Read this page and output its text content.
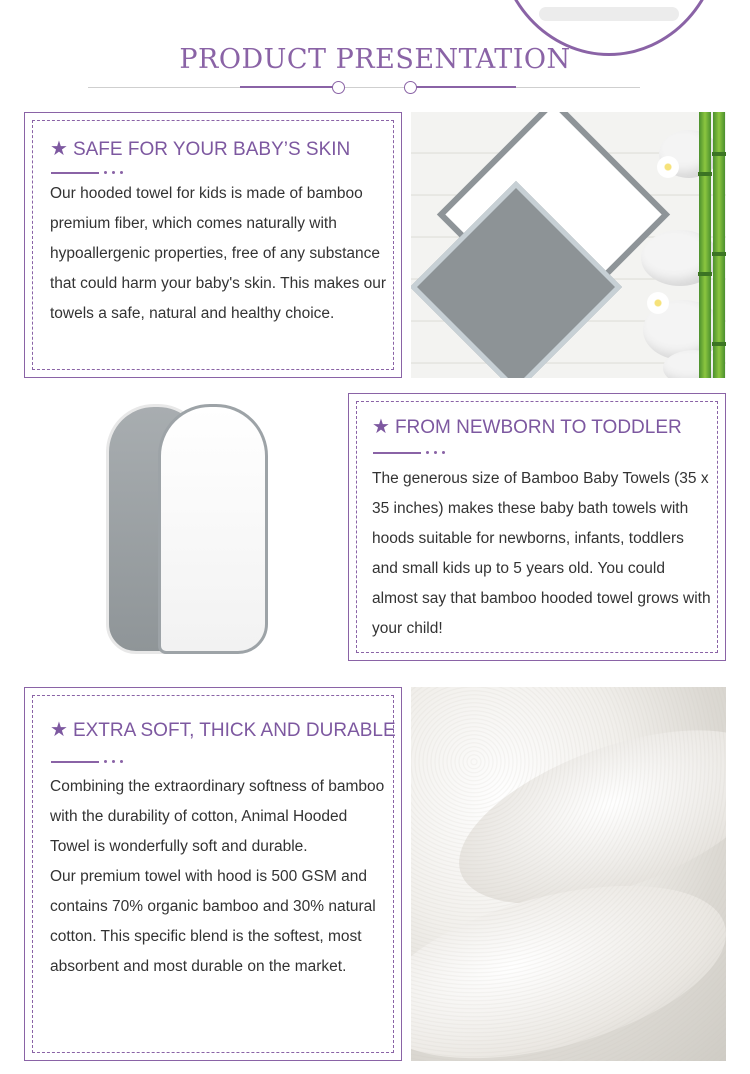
PRODUCT PRESENTATION
★ SAFE FOR YOUR BABY’S SKIN

Our hooded towel for kids is made of bamboo premium fiber, which comes naturally with hypoallergenic properties, free of any substance that could harm your baby's skin. This makes our towels a safe, natural and healthy choice.

★ FROM NEWBORN TO TODDLER

The generous size of Bamboo Baby Towels (35 x 35 inches) makes these baby bath towels with hoods suitable for newborns, infants, toddlers and small kids up to 5 years old. You could almost say that bamboo hooded towel grows with your child!

★ EXTRA SOFT, THICK AND DURABLE

Combining the extraordinary softness of bamboo with the durability of cotton, Animal Hooded Towel is wonderfully soft and durable.

Our premium towel with hood is 500 GSM and contains 70% organic bamboo and 30% natural cotton. This specific blend is the softest, most absorbent and most durable on the market.
